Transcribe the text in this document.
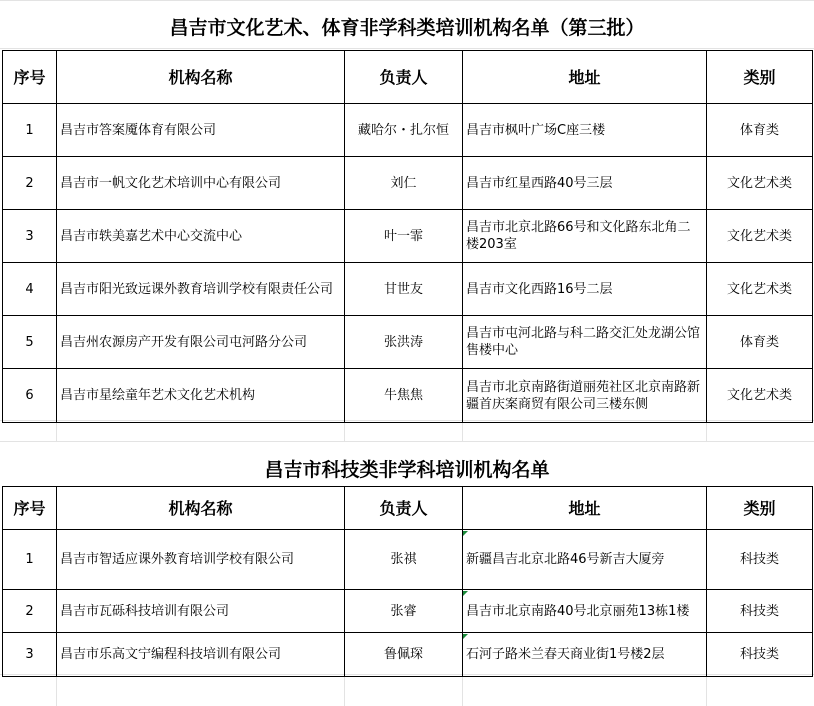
昌吉市文化艺术、体育非学科类培训机构名单（第三批）
序号	机构名称	负责人	地址	类别
1	昌吉市答案魇体育有限公司	藏哈尔・扎尔恒	昌吉市枫叶广场C座三楼	体育类
2	昌吉市一帆文化艺术培训中心有限公司	刘仁	昌吉市红星西路40号三层	文化艺术类
3	昌吉市轶美嘉艺术中心交流中心	叶一霏	昌吉市北京北路66号和文化路东北角二楼203室	文化艺术类
4	昌吉市阳光致远课外教育培训学校有限责任公司	甘世友	昌吉市文化西路16号二层	文化艺术类
5	昌吉州农源房产开发有限公司屯河路分公司	张洪涛	昌吉市屯河北路与科二路交汇处龙湖公馆售楼中心	体育类
6	昌吉市星绘童年艺术文化艺术机构	牛焦焦	昌吉市北京南路街道丽苑社区北京南路新疆首庆案商贸有限公司三楼东侧	文化艺术类
昌吉市科技类非学科培训机构名单
序号	机构名称	负责人	地址	类别
1	昌吉市智适应课外教育培训学校有限公司	张祺	新疆昌吉北京北路46号新吉大厦旁	科技类
2	昌吉市瓦砾科技培训有限公司	张睿	昌吉市北京南路40号北京丽苑13栋1楼	科技类
3	昌吉市乐高文宁编程科技培训有限公司	鲁佩琛	石河子路米兰春天商业街1号楼2层	科技类
